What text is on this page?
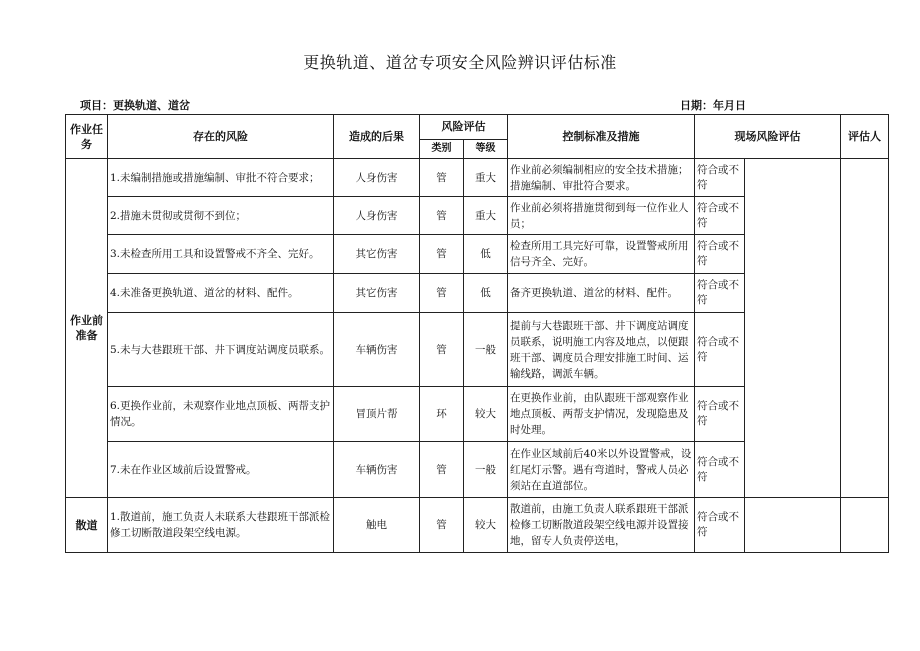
更换轨道、道岔专项安全风险辨识评估标准
项目：更换轨道、道岔	日期：年月日
作业任务	存在的风险	造成的后果	风险评估		控制标准及措施	现场风险评估		评估人
			类别	等级				
作业前准备	1.未编制措施或措施编制、审批不符合要求；	人身伤害	管	重大	作业前必须编制相应的安全技术措施；措施编制、审批符合要求。	符合或不符		
	2.措施未贯彻或贯彻不到位；	人身伤害	管	重大	作业前必须将措施贯彻到每一位作业人员；	符合或不符		
	3.未检查所用工具和设置警戒不齐全、完好。	其它伤害	管	低	检查所用工具完好可靠，设置警戒所用信号齐全、完好。	符合或不符		
	4.未准备更换轨道、道岔的材料、配件。	其它伤害	管	低	备齐更换轨道、道岔的材料、配件。	符合或不符		
	5.未与大巷跟班干部、井下调度站调度员联系。	车辆伤害	管	一般	提前与大巷跟班干部、井下调度站调度员联系，说明施工内容及地点，以便跟班干部、调度员合理安排施工时间、运输线路，调派车辆。	符合或不符		
	6.更换作业前，未观察作业地点顶板、两帮支护情况。	冒顶片帮	环	较大	在更换作业前，由队跟班干部观察作业地点顶板、两帮支护情况，发现隐患及时处理。	符合或不符		
	7.未在作业区域前后设置警戒。	车辆伤害	管	一般	在作业区域前后40米以外设置警戒，设红尾灯示警。遇有弯道时，警戒人员必须站在直道部位。	符合或不符		
散道	1.散道前，施工负责人未联系大巷跟班干部派检修工切断散道段架空线电源。	触电	管	较大	散道前，由施工负责人联系跟班干部派检修工切断散道段架空线电源并设置接地，留专人负责停送电，	符合或不符		
